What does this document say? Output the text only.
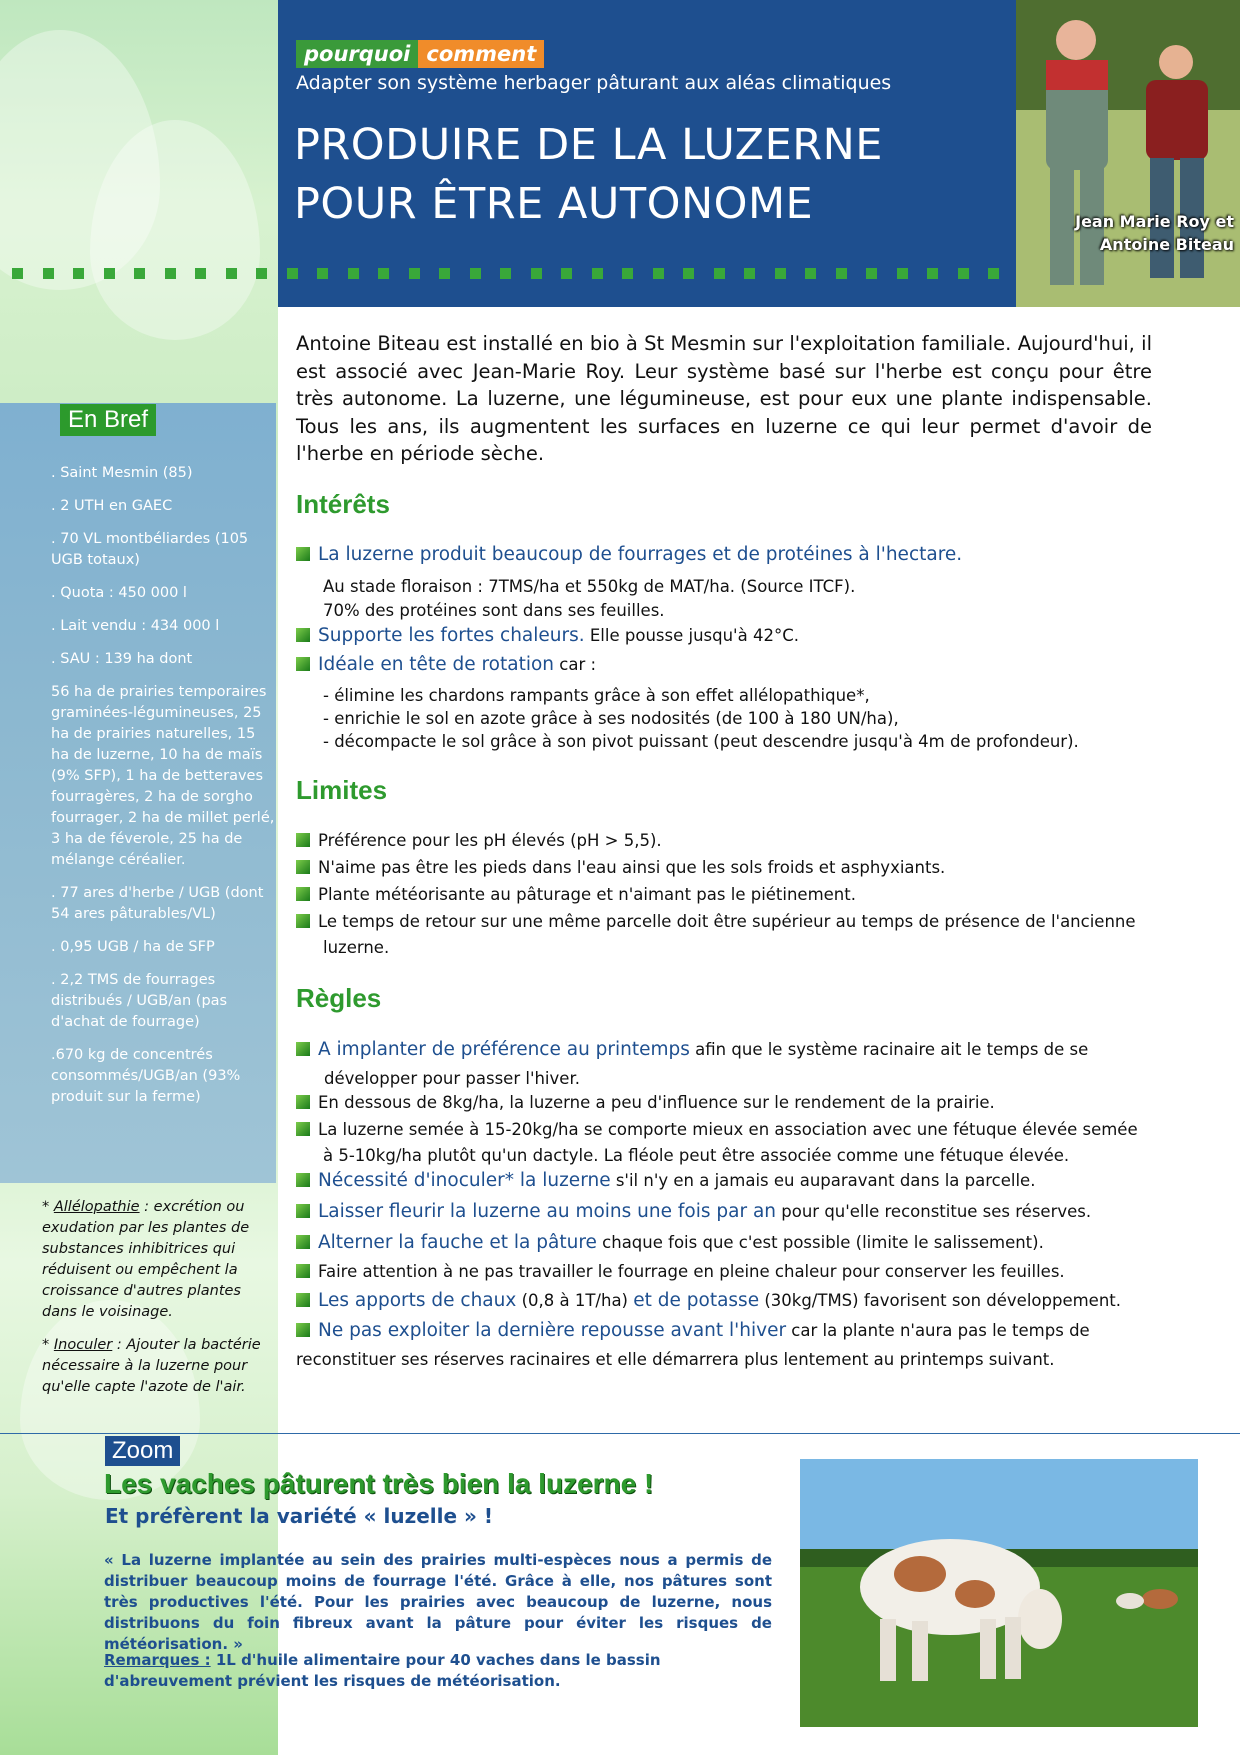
Jean Marie Roy et
Antoine Biteau
pourquoi comment
Adapter son système herbager pâturant aux aléas climatiques
PRODUIRE DE LA LUZERNE
POUR ÊTRE AUTONOME
En Bref
. Saint Mesmin (85)
. 2 UTH en GAEC
. 70 VL montbéliardes (105 UGB totaux)
. Quota : 450 000 l
. Lait vendu : 434 000 l
. SAU : 139 ha dont
56 ha de prairies temporaires graminées-légumineuses, 25 ha de prairies naturelles, 15 ha de luzerne, 10 ha de maïs (9% SFP), 1 ha de betteraves fourragères, 2 ha de sorgho fourrager, 2 ha de millet perlé, 3 ha de féverole, 25 ha de mélange céréalier.
. 77 ares d'herbe / UGB (dont 54 ares pâturables/VL)
. 0,95 UGB / ha de SFP
. 2,2 TMS de fourrages distribués / UGB/an (pas d'achat de fourrage)
.670 kg de concentrés consommés/UGB/an (93% produit sur la ferme)

* Allélopathie : excrétion ou exudation par les plantes de substances inhibitrices qui réduisent ou empêchent la croissance d'autres plantes dans le voisinage.

* Inoculer : Ajouter la bactérie nécessaire à la luzerne pour qu'elle capte l'azote de l'air.

Antoine Biteau est installé en bio à St Mesmin sur l'exploitation familiale. Aujourd'hui, il est associé avec Jean-Marie Roy. Leur système basé sur l'herbe est conçu pour être très autonome. La luzerne, une légumineuse, est pour eux une plante indispensable. Tous les ans, ils augmentent les surfaces en luzerne ce qui leur permet d'avoir de l'herbe en période sèche.
Intérêts
La luzerne produit beaucoup de fourrages et de protéines à l'hectare.
Au stade floraison : 7TMS/ha et 550kg de MAT/ha. (Source ITCF).
70% des protéines sont dans ses feuilles.
Supporte les fortes chaleurs. Elle pousse jusqu'à 42°C.
Idéale en tête de rotation car :
- élimine les chardons rampants grâce à son effet allélopathique*,
- enrichie le sol en azote grâce à ses nodosités (de 100 à 180 UN/ha),
- décompacte le sol grâce à son pivot puissant (peut descendre jusqu'à 4m de profondeur).
Limites
Préférence pour les pH élevés (pH > 5,5).
N'aime pas être les pieds dans l'eau ainsi que les sols froids et asphyxiants.
Plante météorisante au pâturage et n'aimant pas le piétinement.
Le temps de retour sur une même parcelle doit être supérieur au temps de présence de l'ancienne
luzerne.
Règles
A implanter de préférence au printemps afin que le système racinaire ait le temps de se
développer pour passer l'hiver.
En dessous de 8kg/ha, la luzerne a peu d'influence sur le rendement de la prairie.
La luzerne semée à 15-20kg/ha se comporte mieux en association avec une fétuque élevée semée
à 5-10kg/ha plutôt qu'un dactyle. La fléole peut être associée comme une fétuque élevée.
Nécessité d'inoculer* la luzerne s'il n'y en a jamais eu auparavant dans la parcelle.
Laisser fleurir la luzerne au moins une fois par an pour qu'elle reconstitue ses réserves.
Alterner la fauche et la pâture chaque fois que c'est possible (limite le salissement).
Faire attention à ne pas travailler le fourrage en pleine chaleur pour conserver les feuilles.
Les apports de chaux (0,8 à 1T/ha) et de potasse (30kg/TMS) favorisent son développement.
Ne pas exploiter la dernière repousse avant l'hiver car la plante n'aura pas le temps de
reconstituer ses réserves racinaires et elle démarrera plus lentement au printemps suivant.
Zoom
Les vaches pâturent très bien la luzerne !
Et préfèrent la variété « luzelle » !
« La luzerne implantée au sein des prairies multi-espèces nous a permis de distribuer beaucoup moins de fourrage l'été. Grâce à elle, nos pâtures sont très productives l'été. Pour les prairies avec beaucoup de luzerne, nous distribuons du foin fibreux avant la pâture pour éviter les risques de météorisation. »
Remarques : 1L d'huile alimentaire pour 40 vaches dans le bassin d'abreuvement prévient les risques de météorisation.
